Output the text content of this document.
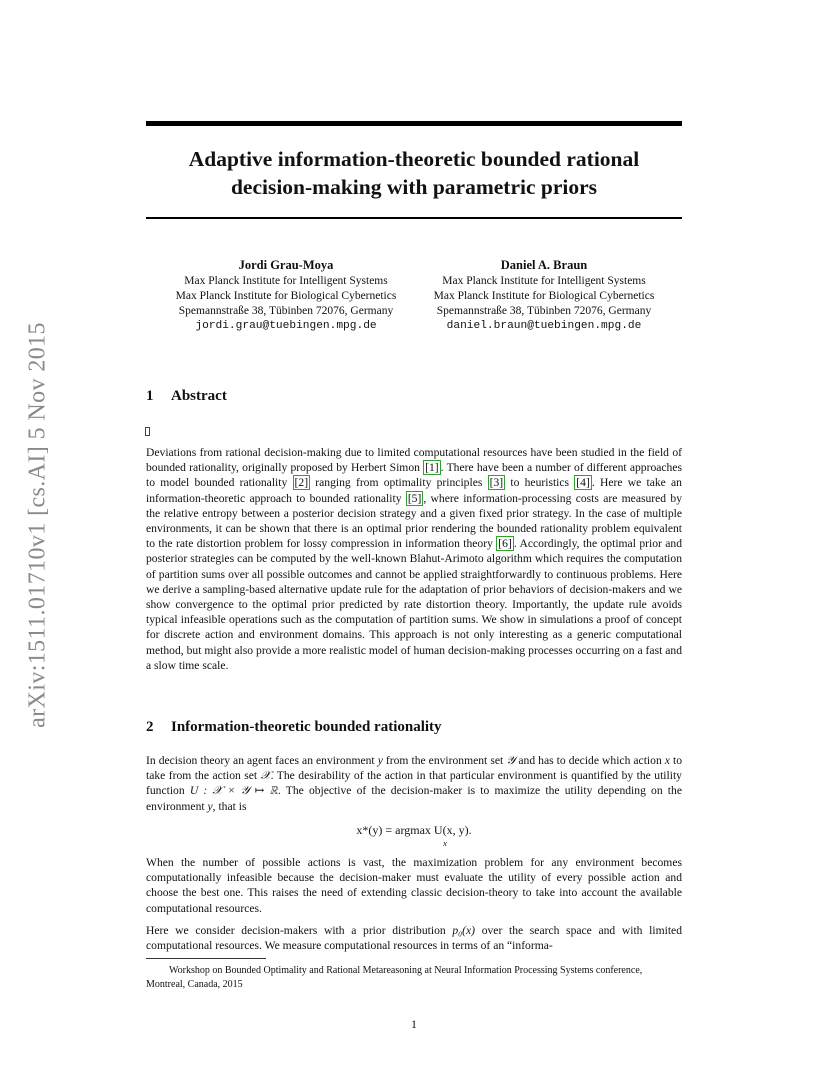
arXiv:1511.01710v1 [cs.AI] 5 Nov 2015
Adaptive information-theoretic bounded rational
decision-making with parametric priors
Jordi Grau-Moya
Max Planck Institute for Intelligent Systems
Max Planck Institute for Biological Cybernetics
Spemannstraße 38, Tübinben 72076, Germany
jordi.grau@tuebingen.mpg.de
Daniel A. Braun
Max Planck Institute for Intelligent Systems
Max Planck Institute for Biological Cybernetics
Spemannstraße 38, Tübinben 72076, Germany
daniel.braun@tuebingen.mpg.de
1 Abstract

Deviations from rational decision-making due to limited computational resources have been studied in the field of bounded rationality, originally proposed by Herbert Simon [1] . There have been a number of different approaches to model bounded rationality [2] ranging from optimality principles [3] to heuristics [4] . Here we take an information-theoretic approach to bounded rationality [5] , where information-processing costs are measured by the relative entropy between a posterior decision strategy and a given fixed prior strategy. In the case of multiple environments, it can be shown that there is an optimal prior rendering the bounded rationality problem equivalent to the rate distortion problem for lossy compression in information theory [6] . Accordingly, the optimal prior and posterior strategies can be computed by the well-known Blahut-Arimoto algorithm which requires the computation of partition sums over all possible outcomes and cannot be applied straightforwardly to continuous problems. Here we derive a sampling-based alternative update rule for the adaptation of prior behaviors of decision-makers and we show convergence to the optimal prior predicted by rate distortion theory. Importantly, the update rule avoids typical infeasible operations such as the computation of partition sums. We show in simulations a proof of concept for discrete action and environment domains. This approach is not only interesting as a generic computational method, but might also provide a more realistic model of human decision-making processes occurring on a fast and a slow time scale.

2 Information-theoretic bounded rationality

In decision theory an agent faces an environment y from the environment set 𝒴 and has to decide which action x to take from the action set 𝒳. The desirability of the action in that particular environment is quantified by the utility function U : 𝒳 × 𝒴 ↦ ℝ. The objective of the decision-maker is to maximize the utility depending on the environment y, that is

x*(y) = argmax U(x, y).
x

When the number of possible actions is vast, the maximization problem for any environment becomes computationally infeasible because the decision-maker must evaluate the utility of every possible action and choose the best one. This raises the need of extending classic decision-theory to take into account the available computational resources.

Here we consider decision-makers with a prior distribution p₀(x) over the search space and with limited computational resources. We measure computational resources in terms of an “informa-

Workshop on Bounded Optimality and Rational Metareasoning at Neural Information Processing Systems conference, Montreal, Canada, 2015

1
